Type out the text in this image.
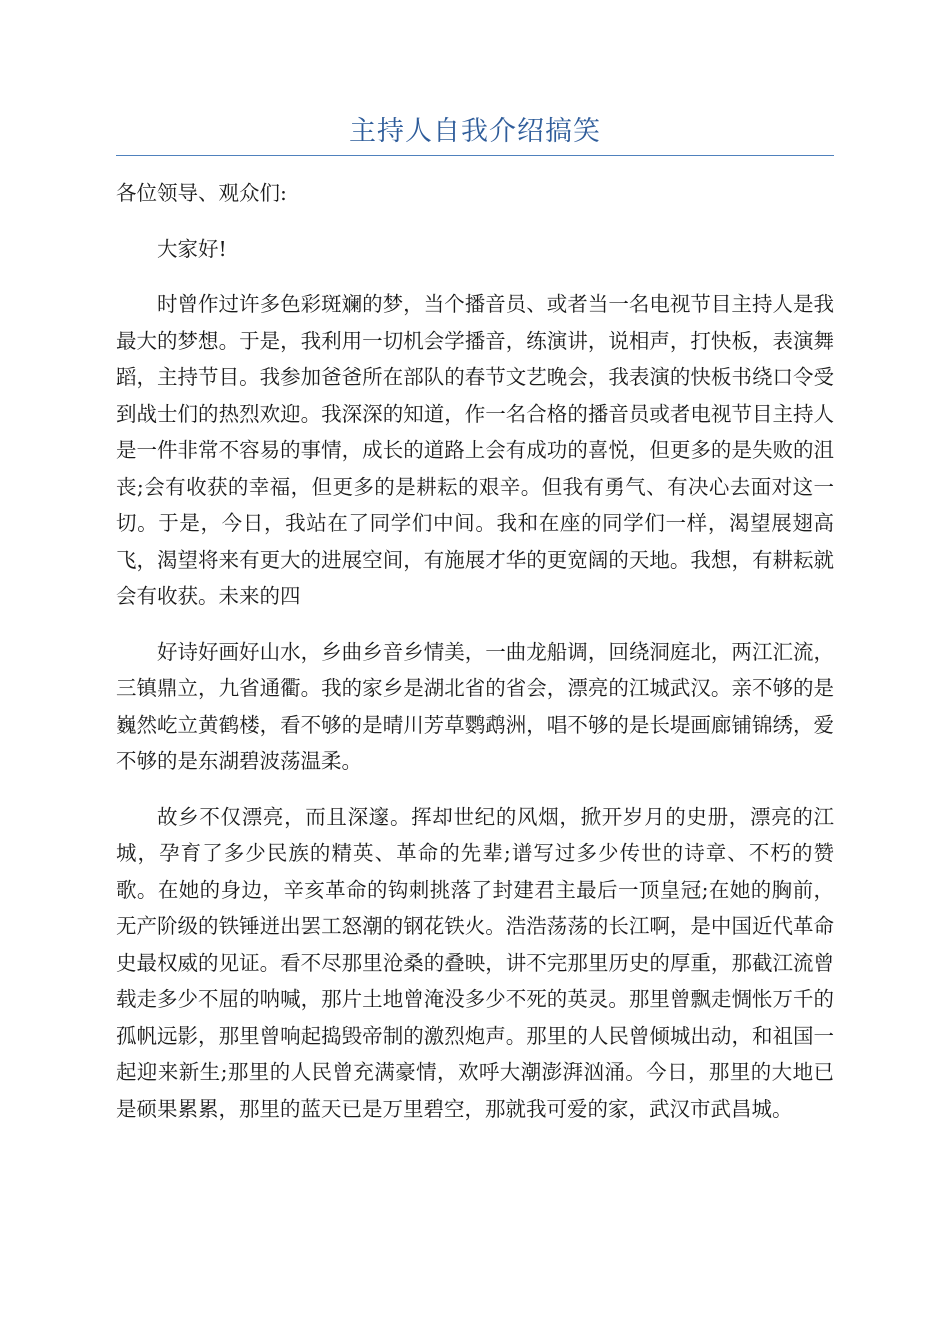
主持人自我介绍搞笑

各位领导、观众们:

大家好!

时曾作过许多色彩斑斓的梦，当个播音员、或者当一名电视节目主持人是我最大的梦想。于是，我利用一切机会学播音，练演讲，说相声，打快板，表演舞蹈，主持节目。我参加爸爸所在部队的春节文艺晚会，我表演的快板书绕口令受到战士们的热烈欢迎。我深深的知道，作一名合格的播音员或者电视节目主持人是一件非常不容易的事情，成长的道路上会有成功的喜悦，但更多的是失败的沮丧;会有收获的幸福，但更多的是耕耘的艰辛。但我有勇气、有决心去面对这一切。于是，今日，我站在了同学们中间。我和在座的同学们一样，渴望展翅高飞，渴望将来有更大的进展空间，有施展才华的更宽阔的天地。我想，有耕耘就会有收获。未来的四

好诗好画好山水，乡曲乡音乡情美，一曲龙船调，回绕洞庭北，两江汇流，三镇鼎立，九省通衢。我的家乡是湖北省的省会，漂亮的江城武汉。亲不够的是巍然屹立黄鹤楼，看不够的是晴川芳草鹦鹉洲，唱不够的是长堤画廊铺锦绣，爱不够的是东湖碧波荡温柔。

故乡不仅漂亮，而且深邃。挥却世纪的风烟，掀开岁月的史册，漂亮的江城，孕育了多少民族的精英、革命的先辈;谱写过多少传世的诗章、不朽的赞歌。在她的身边，辛亥革命的钩刺挑落了封建君主最后一顶皇冠;在她的胸前，无产阶级的铁锤迸出罢工怒潮的钢花铁火。浩浩荡荡的长江啊，是中国近代革命史最权威的见证。看不尽那里沧桑的叠映，讲不完那里历史的厚重，那截江流曾载走多少不屈的呐喊，那片土地曾淹没多少不死的英灵。那里曾飘走惆怅万千的孤帆远影，那里曾响起捣毁帝制的激烈炮声。那里的人民曾倾城出动，和祖国一起迎来新生;那里的人民曾充满豪情，欢呼大潮澎湃汹涌。今日，那里的大地已是硕果累累，那里的蓝天已是万里碧空，那就我可爱的家，武汉市武昌城。
